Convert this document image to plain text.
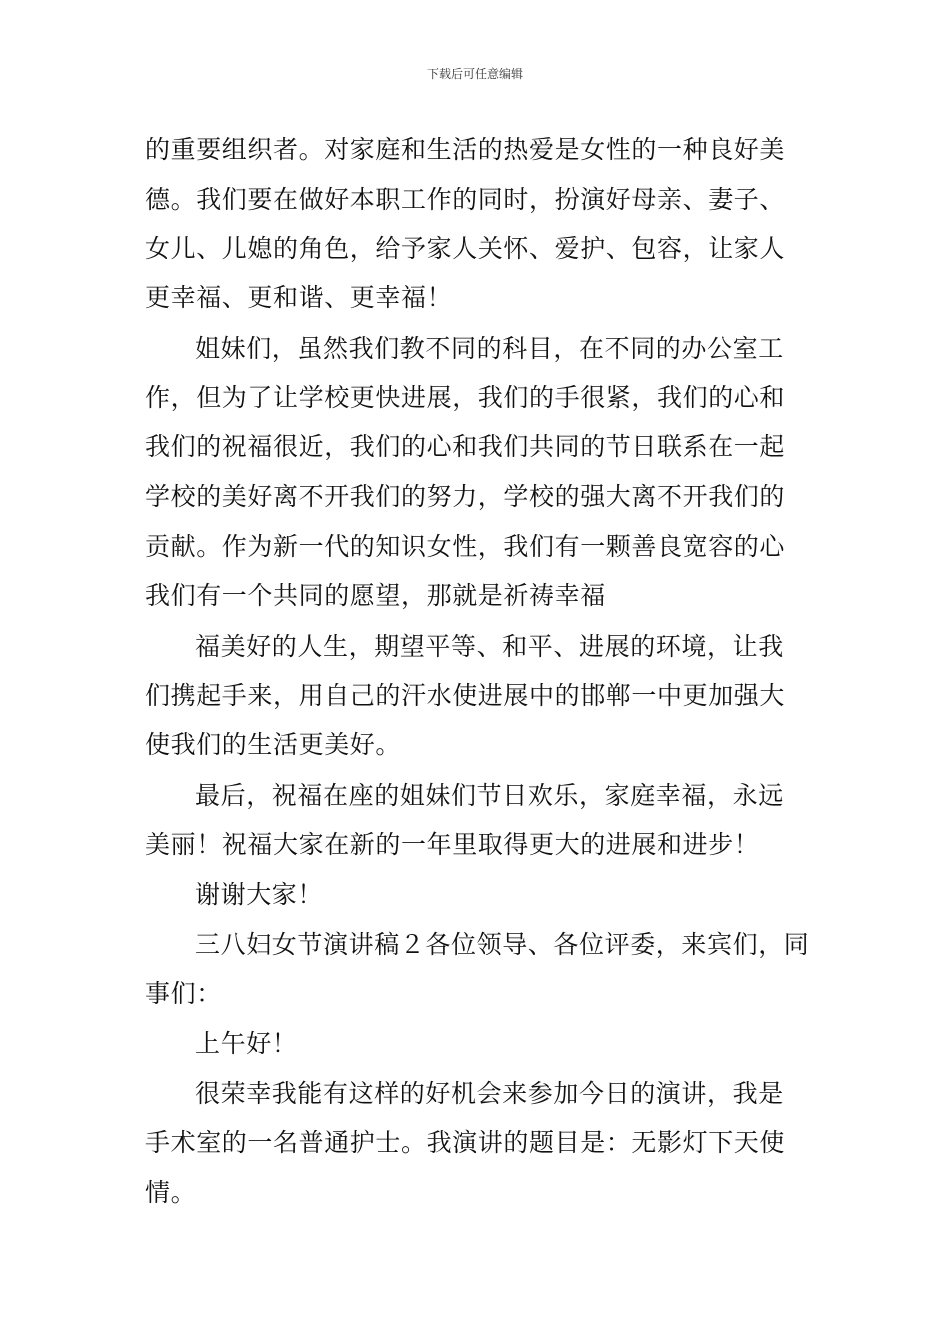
下载后可任意编辑
的重要组织者。对家庭和生活的热爱是女性的一种良好美
德。我们要在做好本职工作的同时，扮演好母亲、妻子、
女儿、儿媳的角色，给予家人关怀、爱护、包容，让家人
更幸福、更和谐、更幸福！
姐妹们，虽然我们教不同的科目，在不同的办公室工
作，但为了让学校更快进展，我们的手很紧，我们的心和
我们的祝福很近，我们的心和我们共同的节日联系在一起
学校的美好离不开我们的努力，学校的强大离不开我们的
贡献。作为新一代的知识女性，我们有一颗善良宽容的心
我们有一个共同的愿望，那就是祈祷幸福
福美好的人生，期望平等、和平、进展的环境，让我
们携起手来，用自己的汗水使进展中的邯郸一中更加强大
使我们的生活更美好。
最后，祝福在座的姐妹们节日欢乐，家庭幸福，永远
美丽！祝福大家在新的一年里取得更大的进展和进步！
谢谢大家！
三八妇女节演讲稿２各位领导、各位评委，来宾们，同
事们：
上午好！
很荣幸我能有这样的好机会来参加今日的演讲，我是
手术室的一名普通护士。我演讲的题目是：无影灯下天使
情。
